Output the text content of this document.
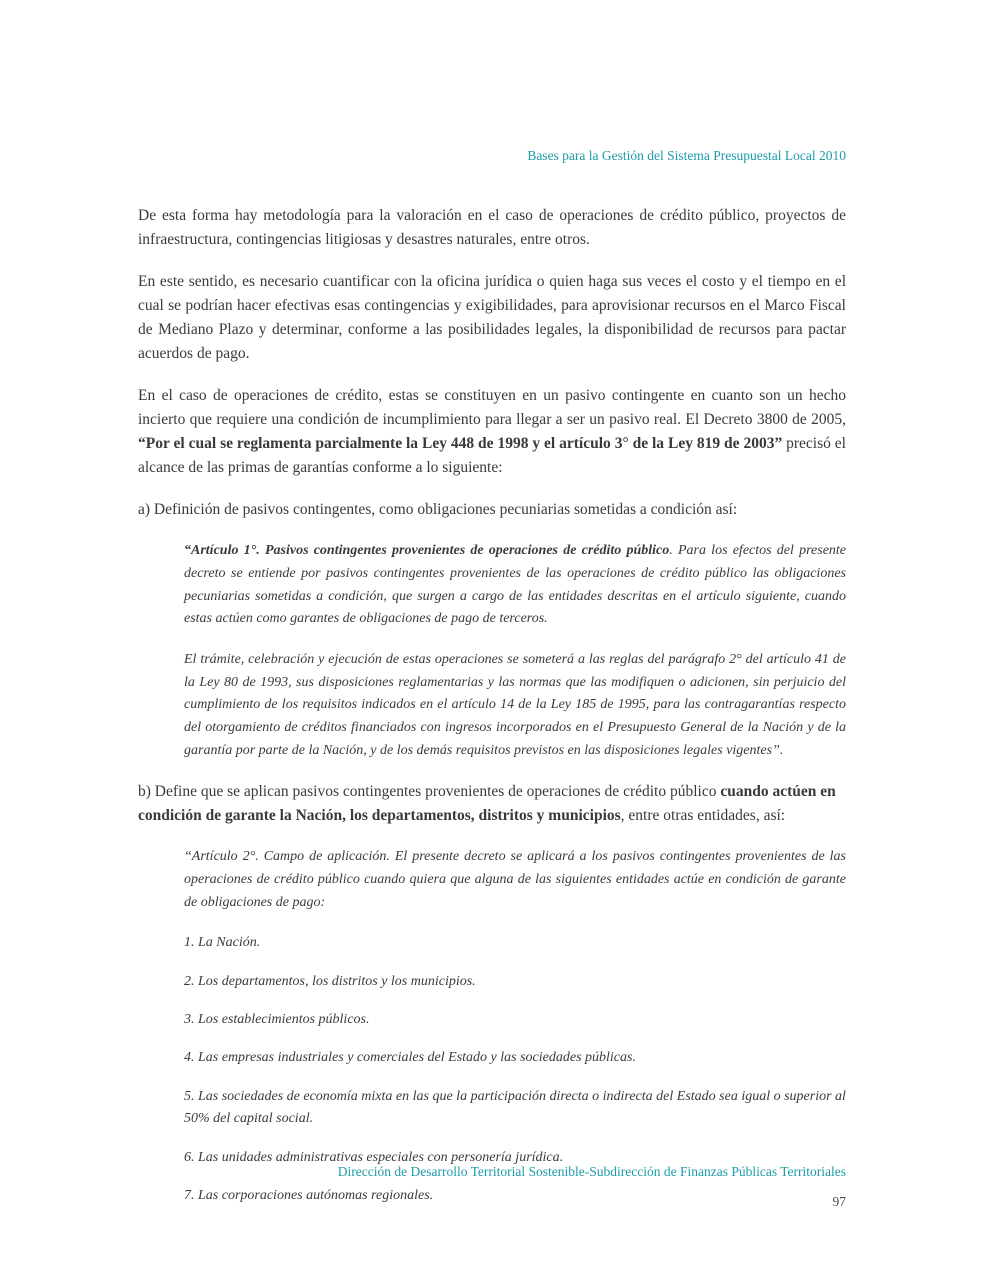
Bases para la Gestión del Sistema Presupuestal Local 2010

De esta forma hay metodología para la valoración en el caso de operaciones de crédito público, proyectos de infraestructura, contingencias litigiosas y desastres naturales, entre otros.

En este sentido, es necesario cuantificar con la oficina jurídica o quien haga sus veces el costo y el tiempo en el cual se podrían hacer efectivas esas contingencias y exigibilidades, para aprovisionar recursos en el Marco Fiscal de Mediano Plazo y determinar, conforme a las posibilidades legales, la disponibilidad de recursos para pactar acuerdos de pago.

En el caso de operaciones de crédito, estas se constituyen en un pasivo contingente en cuanto son un hecho incierto que requiere una condición de incumplimiento para llegar a ser un pasivo real. El Decreto 3800 de 2005, “Por el cual se reglamenta parcialmente la Ley 448 de 1998 y el artículo 3° de la Ley 819 de 2003” precisó el alcance de las primas de garantías conforme a lo siguiente:

a) Definición de pasivos contingentes, como obligaciones pecuniarias sometidas a condición así:

“Artículo 1°. Pasivos contingentes provenientes de operaciones de crédito público. Para los efectos del presente decreto se entiende por pasivos contingentes provenientes de las operaciones de crédito público las obligaciones pecuniarias sometidas a condición, que surgen a cargo de las entidades descritas en el artículo siguiente, cuando estas actúen como garantes de obligaciones de pago de terceros.

El trámite, celebración y ejecución de estas operaciones se someterá a las reglas del parágrafo 2° del artículo 41 de la Ley 80 de 1993, sus disposiciones reglamentarias y las normas que las modifiquen o adicionen, sin perjuicio del cumplimiento de los requisitos indicados en el artículo 14 de la Ley 185 de 1995, para las contragarantías respecto del otorgamiento de créditos financiados con ingresos incorporados en el Presupuesto General de la Nación y de la garantía por parte de la Nación, y de los demás requisitos previstos en las disposiciones legales vigentes”.

b) Define que se aplican pasivos contingentes provenientes de operaciones de crédito público cuando actúen en condición de garante la Nación, los departamentos, distritos y municipios, entre otras entidades, así:

“Artículo 2°. Campo de aplicación. El presente decreto se aplicará a los pasivos contingentes provenientes de las operaciones de crédito público cuando quiera que alguna de las siguientes entidades actúe en condición de garante de obligaciones de pago:

1. La Nación.

2. Los departamentos, los distritos y los municipios.

3. Los establecimientos públicos.

4. Las empresas industriales y comerciales del Estado y las sociedades públicas.

5. Las sociedades de economía mixta en las que la participación directa o indirecta del Estado sea igual o superior al 50% del capital social.

6. Las unidades administrativas especiales con personería jurídica.

7. Las corporaciones autónomas regionales.

Dirección de Desarrollo Territorial Sostenible-Subdirección de Finanzas Públicas Territoriales
97
